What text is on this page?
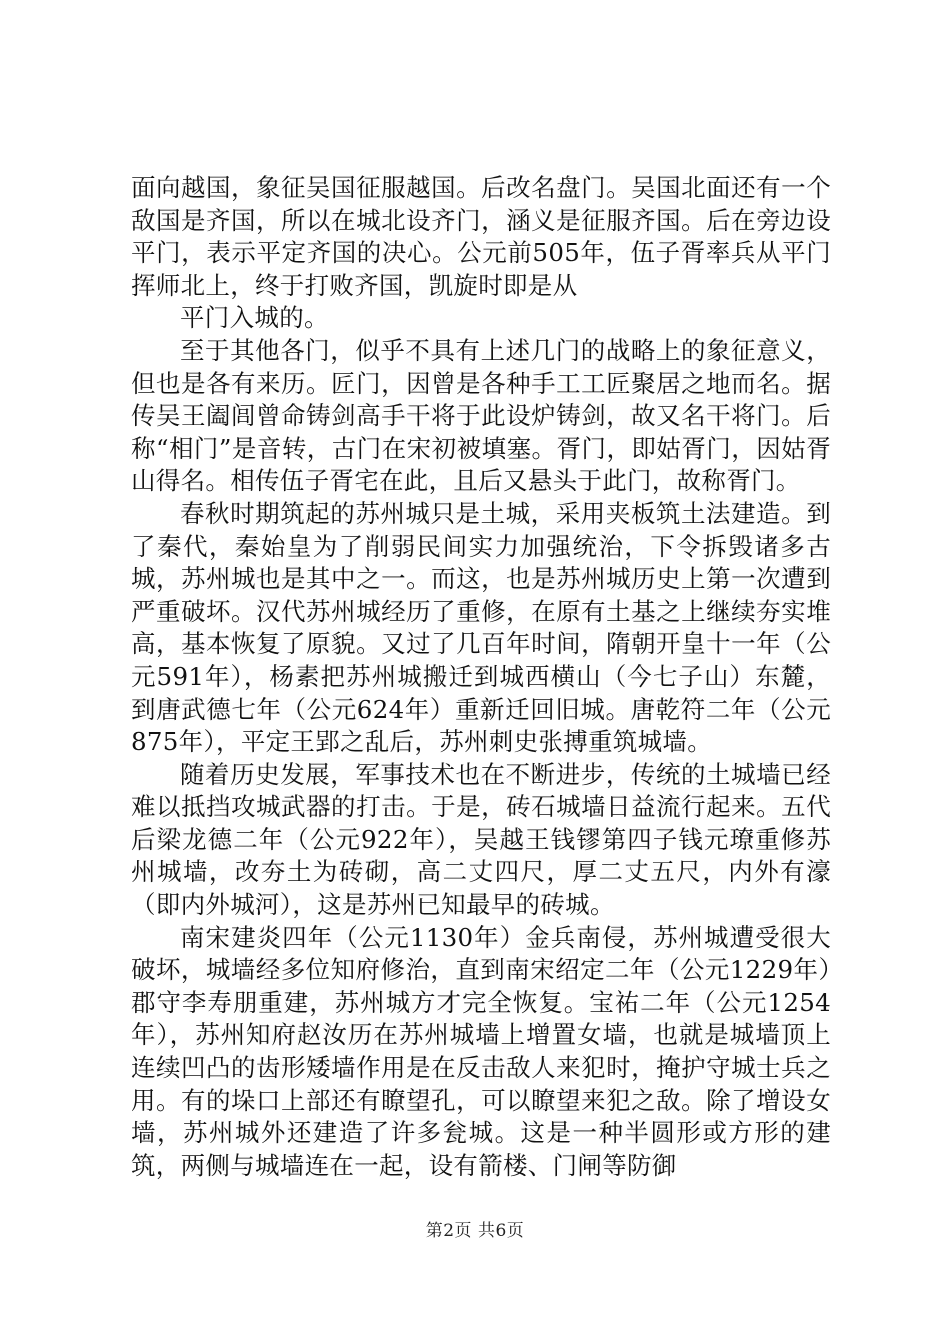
面向越国，象征吴国征服越国。后改名盘门。吴国北面还有一个敌国是齐国，所以在城北设齐门，涵义是征服齐国。后在旁边设平门，表示平定齐国的决心。公元前505年，伍子胥率兵从平门挥师北上，终于打败齐国，凯旋时即是从

平门入城的。

至于其他各门，似乎不具有上述几门的战略上的象征意义，但也是各有来历。匠门，因曾是各种手工工匠聚居之地而名。据传吴王阖闾曾命铸剑高手干将于此设炉铸剑，故又名干将门。后称“相门”是音转，古门在宋初被填塞。胥门，即姑胥门，因姑胥山得名。相传伍子胥宅在此，且后又悬头于此门，故称胥门。

春秋时期筑起的苏州城只是土城，采用夹板筑土法建造。到了秦代，秦始皇为了削弱民间实力加强统治，下令拆毁诸多古城，苏州城也是其中之一。而这，也是苏州城历史上第一次遭到严重破坏。汉代苏州城经历了重修，在原有土基之上继续夯实堆高，基本恢复了原貌。又过了几百年时间，隋朝开皇十一年（公元591年），杨素把苏州城搬迁到城西横山（今七子山）东麓，到唐武德七年（公元624年）重新迁回旧城。唐乾符二年（公元875年），平定王郢之乱后，苏州刺史张搏重筑城墙。

随着历史发展，军事技术也在不断进步，传统的土城墙已经难以抵挡攻城武器的打击。于是，砖石城墙日益流行起来。五代后梁龙德二年（公元922年），吴越王钱镠第四子钱元璙重修苏州城墙，改夯土为砖砌，高二丈四尺，厚二丈五尺，内外有濠（即内外城河），这是苏州已知最早的砖城。

南宋建炎四年（公元1130年）金兵南侵，苏州城遭受很大破坏，城墙经多位知府修治，直到南宋绍定二年（公元1229年）郡守李寿朋重建，苏州城方才完全恢复。宝祐二年（公元1254年），苏州知府赵汝历在苏州城墙上增置女墙，也就是城墙顶上连续凹凸的齿形矮墙作用是在反击敌人来犯时，掩护守城士兵之用。有的垛口上部还有瞭望孔，可以瞭望来犯之敌。除了增设女墙，苏州城外还建造了许多瓮城。这是一种半圆形或方形的建筑，两侧与城墙连在一起，设有箭楼、门闸等防御

第2页 共6页
